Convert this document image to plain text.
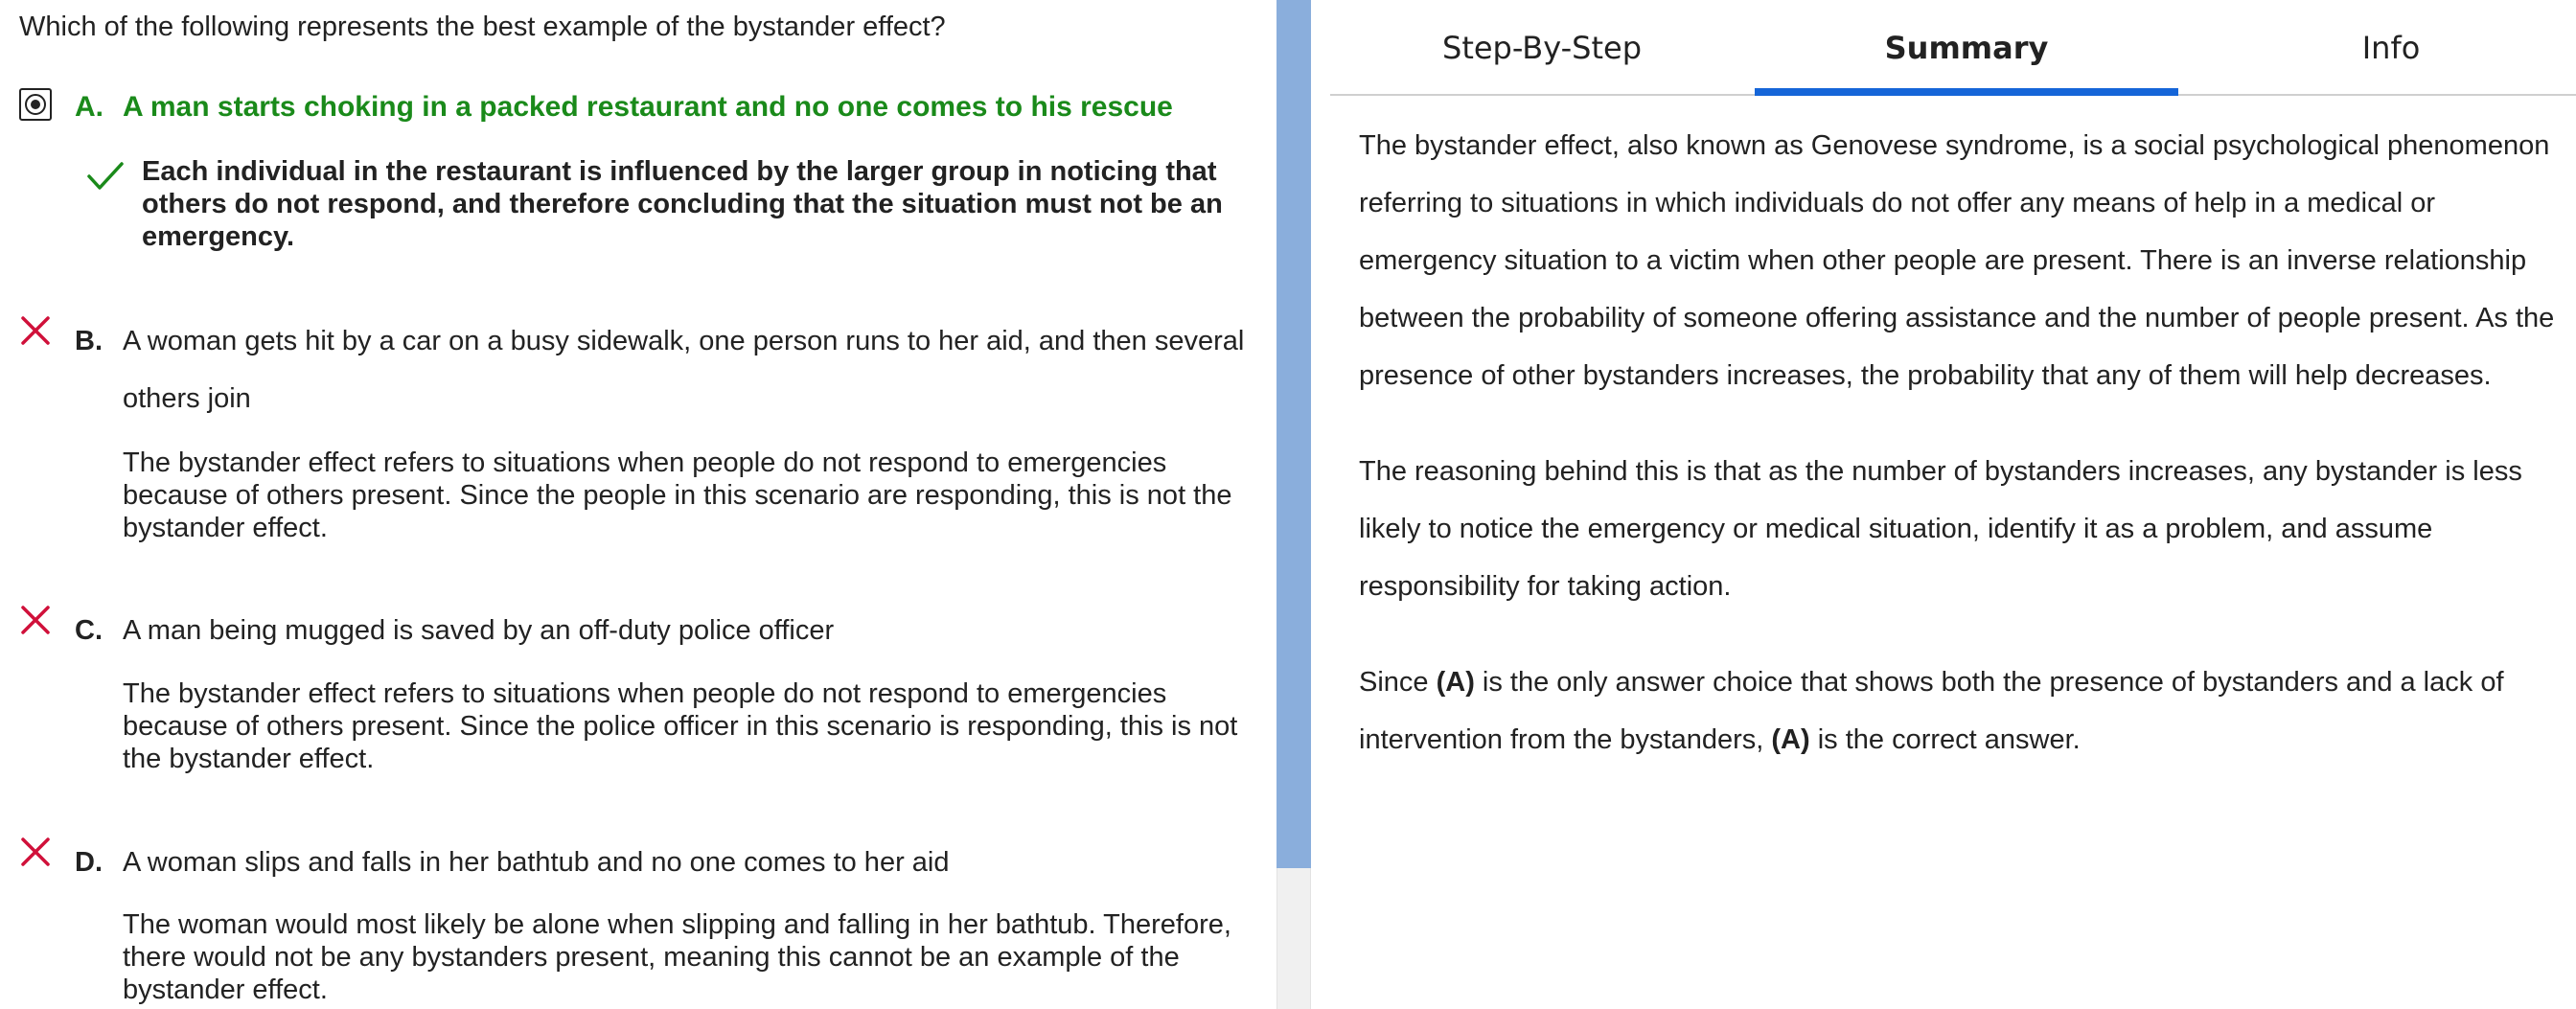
Which of the following represents the best example of the bystander effect?
A. A man starts choking in a packed restaurant and no one comes to his rescue
Each individual in the restaurant is influenced by the larger group in noticing that others do not respond, and therefore concluding that the situation must not be an emergency.
B. A woman gets hit by a car on a busy sidewalk, one person runs to her aid, and then several others join
The bystander effect refers to situations when people do not respond to emergencies because of others present. Since the people in this scenario are responding, this is not the bystander effect.
C. A man being mugged is saved by an off-duty police officer
The bystander effect refers to situations when people do not respond to emergencies because of others present. Since the police officer in this scenario is responding, this is not the bystander effect.
D. A woman slips and falls in her bathtub and no one comes to her aid
The woman would most likely be alone when slipping and falling in her bathtub. Therefore, there would not be any bystanders present, meaning this cannot be an example of the bystander effect.
Step-By-Step	Summary	Info

The bystander effect, also known as Genovese syndrome, is a social psychological phenomenon referring to situations in which individuals do not offer any means of help in a medical or emergency situation to a victim when other people are present. There is an inverse relationship between the probability of someone offering assistance and the number of people present. As the presence of other bystanders increases, the probability that any of them will help decreases.

The reasoning behind this is that as the number of bystanders increases, any bystander is less likely to notice the emergency or medical situation, identify it as a problem, and assume responsibility for taking action.

Since (A) is the only answer choice that shows both the presence of bystanders and a lack of intervention from the bystanders, (A) is the correct answer.
